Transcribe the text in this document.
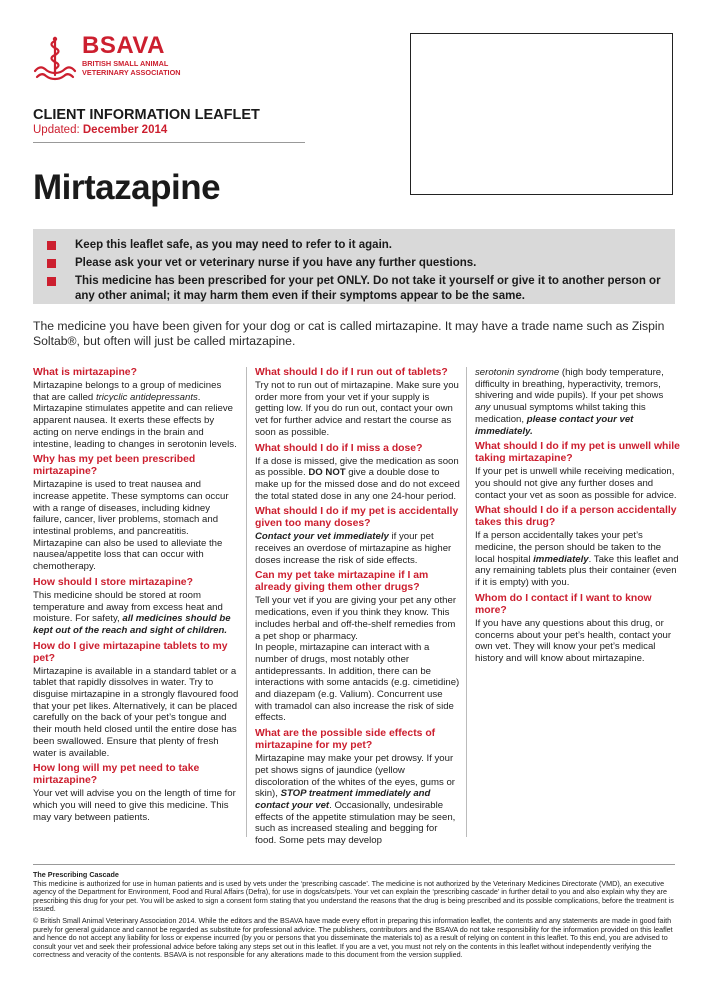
BSAVA
BRITISH SMALL ANIMAL
VETERINARY ASSOCIATION
CLIENT INFORMATION LEAFLET
Updated: December 2014
Mirtazapine
Keep this leaflet safe, as you may need to refer to it again.
Please ask your vet or veterinary nurse if you have any further questions.
This medicine has been prescribed for your pet ONLY. Do not take it yourself or give it to another person or any other animal; it may harm them even if their symptoms appear to be the same.
The medicine you have been given for your dog or cat is called mirtazapine. It may have a trade name such as Zispin Soltab®, but often will just be called mirtazapine.
What is mirtazapine?

Mirtazapine belongs to a group of medicines that are called tricyclic antidepressants. Mirtazapine stimulates appetite and can relieve apparent nausea. It exerts these effects by acting on nerve endings in the brain and intestine, leading to changes in serotonin levels.

Why has my pet been prescribed mirtazapine?

Mirtazapine is used to treat nausea and increase appetite. These symptoms can occur with a range of diseases, including kidney failure, cancer, liver problems, stomach and intestinal problems, and pancreatitis. Mirtazapine can also be used to alleviate the nausea/appetite loss that can occur with chemotherapy.

How should I store mirtazapine?

This medicine should be stored at room temperature and away from excess heat and moisture. For safety, all medicines should be kept out of the reach and sight of children.

How do I give mirtazapine tablets to my pet?

Mirtazapine is available in a standard tablet or a tablet that rapidly dissolves in water. Try to disguise mirtazapine in a strongly flavoured food that your pet likes. Alternatively, it can be placed carefully on the back of your pet’s tongue and their mouth held closed until the entire dose has been swallowed. Ensure that plenty of fresh water is available.

How long will my pet need to take mirtazapine?

Your vet will advise you on the length of time for which you will need to give this medicine. This may vary between patients.

What should I do if I run out of tablets?

Try not to run out of mirtazapine. Make sure you order more from your vet if your supply is getting low. If you do run out, contact your own vet for further advice and restart the course as soon as possible.

What should I do if I miss a dose?

If a dose is missed, give the medication as soon as possible. DO NOT give a double dose to make up for the missed dose and do not exceed the total stated dose in any one 24-hour period.

What should I do if my pet is accidentally given too many doses?

Contact your vet immediately if your pet receives an overdose of mirtazapine as higher doses increase the risk of side effects.

Can my pet take mirtazapine if I am already giving them other drugs?

Tell your vet if you are giving your pet any other medications, even if you think they know. This includes herbal and off-the-shelf remedies from a pet shop or pharmacy.
In people, mirtazapine can interact with a number of drugs, most notably other antidepressants. In addition, there can be interactions with some antacids (e.g. cimetidine) and diazepam (e.g. Valium). Concurrent use with tramadol can also increase the risk of side effects.

What are the possible side effects of mirtazapine for my pet?

Mirtazapine may make your pet drowsy. If your pet shows signs of jaundice (yellow discoloration of the whites of the eyes, gums or skin), STOP treatment immediately and contact your vet. Occasionally, undesirable effects of the appetite stimulation may be seen, such as increased stealing and begging for food. Some pets may develop

serotonin syndrome (high body temperature, difficulty in breathing, hyperactivity, tremors, shivering and wide pupils). If your pet shows any unusual symptoms whilst taking this medication, please contact your vet immediately.

What should I do if my pet is unwell while taking mirtazapine?

If your pet is unwell while receiving medication, you should not give any further doses and contact your vet as soon as possible for advice.

What should I do if a person accidentally takes this drug?

If a person accidentally takes your pet’s medicine, the person should be taken to the local hospital immediately. Take this leaflet and any remaining tablets plus their container (even if it is empty) with you.

Whom do I contact if I want to know more?

If you have any questions about this drug, or concerns about your pet’s health, contact your own vet. They will know your pet’s medical history and will know about mirtazapine.

The Prescribing Cascade

This medicine is authorized for use in human patients and is used by vets under the ‘prescribing cascade’. The medicine is not authorized by the Veterinary Medicines Directorate (VMD), an executive agency of the Department for Environment, Food and Rural Affairs (Defra), for use in dogs/cats/pets. Your vet can explain the ‘prescribing cascade’ in further detail to you and also explain why they are prescribing this drug for your pet. You will be asked to sign a consent form stating that you understand the reasons that the drug is being prescribed and its possible complications, before the treatment is issued.

© British Small Animal Veterinary Association 2014. While the editors and the BSAVA have made every effort in preparing this information leaflet, the contents and any statements are made in good faith purely for general guidance and cannot be regarded as substitute for professional advice. The publishers, contributors and the BSAVA do not take responsibility for the information provided on this leaflet and hence do not accept any liability for loss or expense incurred (by you or persons that you disseminate the materials to) as a result of relying on content in this leaflet. To this end, you are advised to consult your vet and seek their professional advice before taking any steps set out in this leaflet. If you are a vet, you must not rely on the contents in this leaflet without independently verifying the correctness and veracity of the contents. BSAVA is not responsible for any alterations made to this document from the version supplied.
